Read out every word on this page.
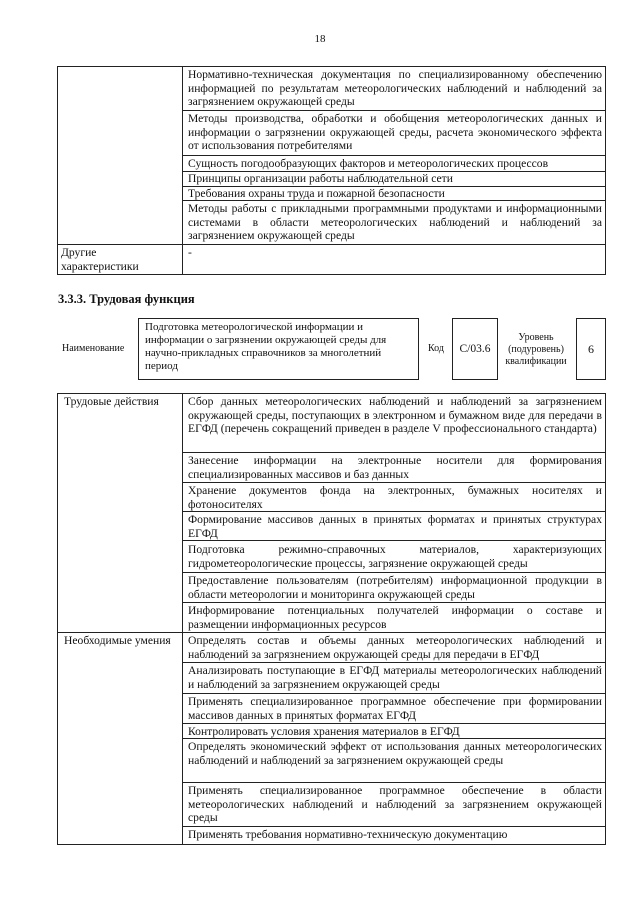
18
Нормативно-техническая документация по специализированному обеспечению информацией по результатам метеорологических наблюдений и наблюдений за загрязнением окружающей среды
Методы производства, обработки и обобщения метеорологических данных и информации о загрязнении окружающей среды, расчета экономического эффекта от использования потребителями
Сущность погодообразующих факторов и метеорологических процессов
Принципы организации работы наблюдательной сети
Требования охраны труда и пожарной безопасности
Методы работы с прикладными программными продуктами и информационными системами в области метеорологических наблюдений и наблюдений за загрязнением окружающей среды
Другие характеристики
-
3.3.3. Трудовая функция
Наименование
Подготовка метеорологической информации и информации о загрязнении окружающей среды для научно-прикладных справочников за многолетний период
Код C/03.6
Уровень (подуровень) квалификации
6
Трудовые действия	Сбор данных метеорологических наблюдений и наблюдений за загрязнением окружающей среды, поступающих в электронном и бумажном виде для передачи в ЕГФД (перечень сокращений приведен в разделе V профессионального стандарта)
Занесение информации на электронные носители для формирования специализированных массивов и баз данных
Хранение документов фонда на электронных, бумажных носителях и фотоносителях
Формирование массивов данных в принятых форматах и принятых структурах ЕГФД
Подготовка режимно-справочных материалов, характеризующих гидрометеорологические процессы, загрязнение окружающей среды
Предоставление пользователям (потребителям) информационной продукции в области метеорологии и мониторинга окружающей среды
Информирование потенциальных получателей информации о составе и размещении информационных ресурсов
Необходимые умения	Определять состав и объемы данных метеорологических наблюдений и наблюдений за загрязнением окружающей среды для передачи в ЕГФД
Анализировать поступающие в ЕГФД материалы метеорологических наблюдений и наблюдений за загрязнением окружающей среды
Применять специализированное программное обеспечение при формировании массивов данных в принятых форматах ЕГФД
Контролировать условия хранения материалов в ЕГФД
Определять экономический эффект от использования данных метеорологических наблюдений и наблюдений за загрязнением окружающей среды
Применять специализированное программное обеспечение в области метеорологических наблюдений и наблюдений за загрязнением окружающей среды
Применять требования нормативно-техническую документацию
